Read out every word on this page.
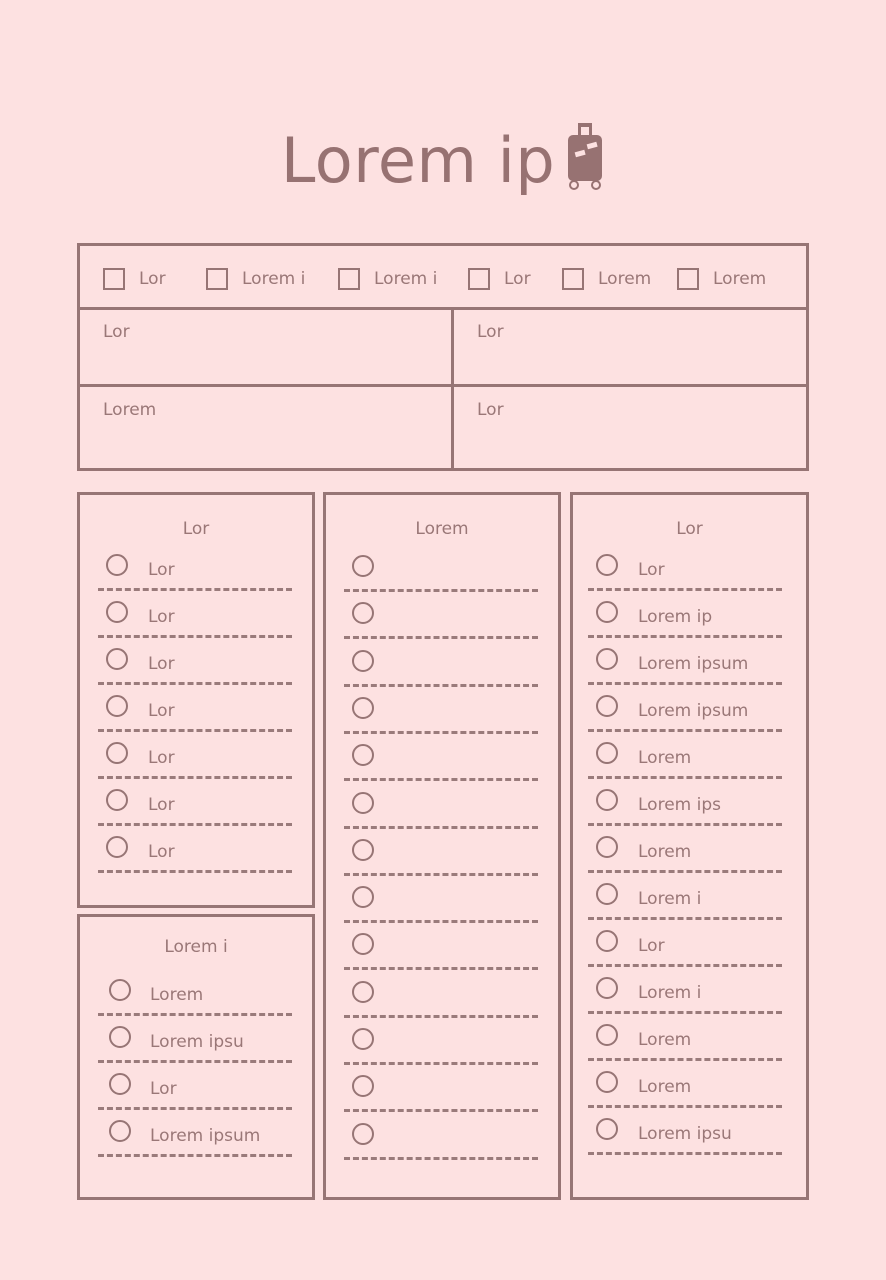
Lorem ip
Lor	Lorem i	Lorem i	Lor	Lorem	Lorem
Lor	Lor
Lorem	Lor
Lor
Lor
Lor
Lor
Lor
Lor
Lor
Lor
Lorem i
Lorem
Lorem ipsu
Lor
Lorem ipsum
Lorem	Lor
Lor
Lorem ip
Lorem ipsum
Lorem ipsum
Lorem
Lorem ips
Lorem
Lorem i
Lor
Lorem i
Lorem
Lorem
Lorem ipsu
